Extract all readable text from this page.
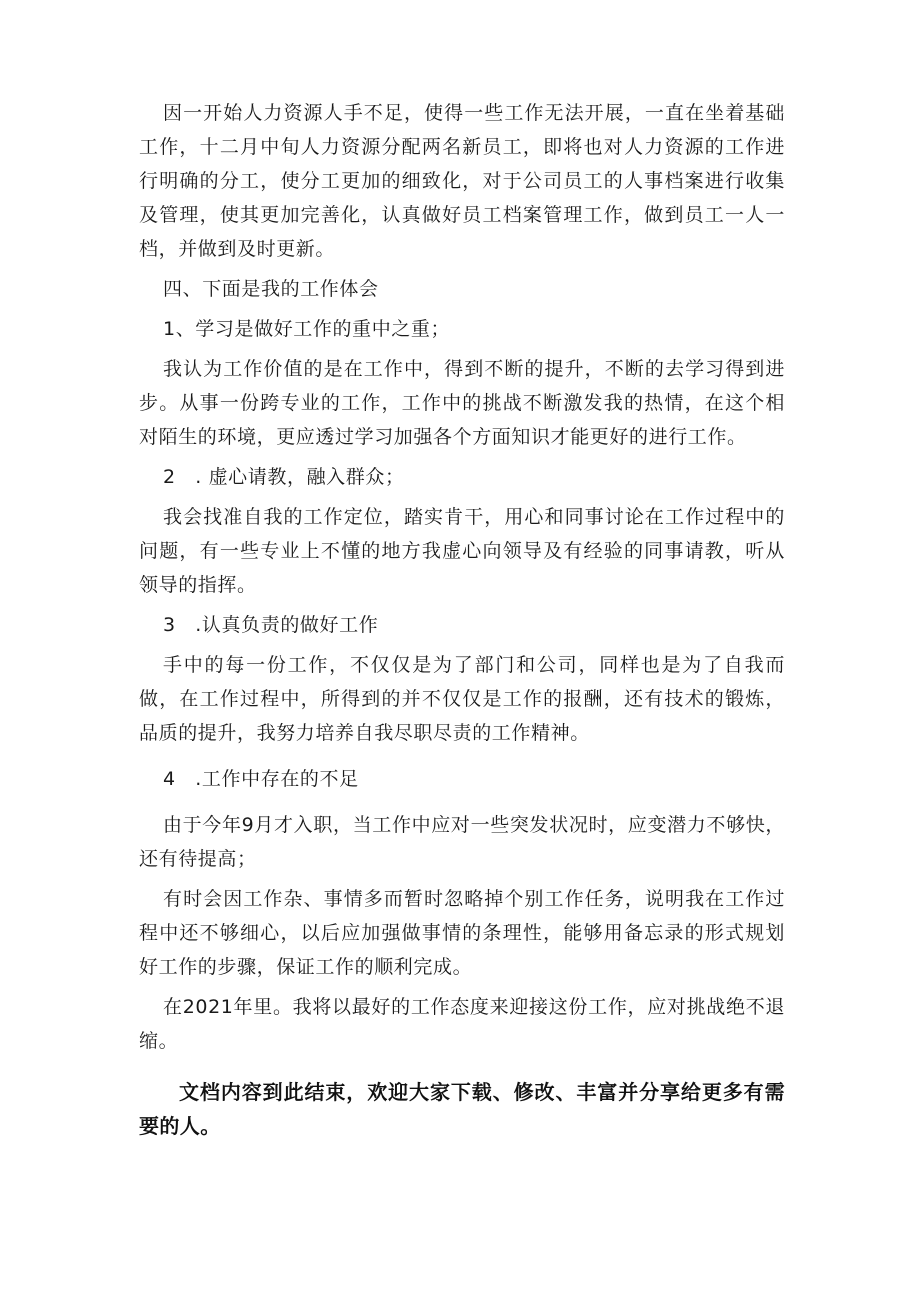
因一开始人力资源人手不足，使得一些工作无法开展，一直在坐着基础工作，十二月中旬人力资源分配两名新员工，即将也对人力资源的工作进行明确的分工，使分工更加的细致化，对于公司员工的人事档案进行收集及管理，使其更加完善化，认真做好员工档案管理工作，做到员工一人一档，并做到及时更新。

四、下面是我的工作体会

1、学习是做好工作的重中之重；

我认为工作价值的是在工作中，得到不断的提升，不断的去学习得到进步。从事一份跨专业的工作，工作中的挑战不断激发我的热情，在这个相对陌生的环境，更应透过学习加强各个方面知识才能更好的进行工作。

2　. 虚心请教，融入群众；

我会找准自我的工作定位，踏实肯干，用心和同事讨论在工作过程中的问题，有一些专业上不懂的地方我虚心向领导及有经验的同事请教，听从领导的指挥。

3　.认真负责的做好工作

手中的每一份工作，不仅仅是为了部门和公司，同样也是为了自我而做，在工作过程中，所得到的并不仅仅是工作的报酬，还有技术的锻炼，品质的提升，我努力培养自我尽职尽责的工作精神。

4　.工作中存在的不足

由于今年9月才入职，当工作中应对一些突发状况时，应变潜力不够快，还有待提高；

有时会因工作杂、事情多而暂时忽略掉个别工作任务，说明我在工作过程中还不够细心，以后应加强做事情的条理性，能够用备忘录的形式规划好工作的步骤，保证工作的顺利完成。

在2021年里。我将以最好的工作态度来迎接这份工作，应对挑战绝不退缩。

文档内容到此结束，欢迎大家下载、修改、丰富并分享给更多有需要的人。
